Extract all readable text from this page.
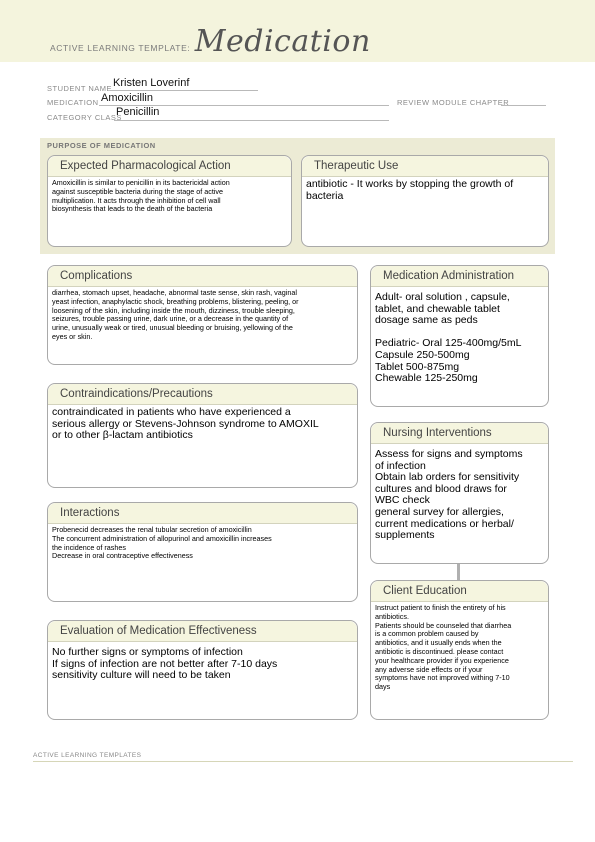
ACTIVE LEARNING TEMPLATE: Medication
STUDENT NAME Kristen Loverinf
MEDICATION Amoxicillin	REVIEW MODULE CHAPTER
CATEGORY CLASS
Penicillin
PURPOSE OF MEDICATION
Expected Pharmacological Action
Amoxicillin is similar to penicillin in its bactericidal action
against susceptible bacteria during the stage of active
multiplication. It acts through the inhibition of cell wall
biosynthesis that leads to the death of the bacteria
Therapeutic Use
antibiotic - It works by stopping the growth of
bacteria
Complications
diarrhea, stomach upset, headache, abnormal taste sense, skin rash, vaginal
yeast infection, anaphylactic shock, breathing problems, blistering, peeling, or
loosening of the skin, including inside the mouth, dizziness, trouble sleeping,
seizures, trouble passing urine, dark urine, or a decrease in the quantity of
urine, unusually weak or tired, unusual bleeding or bruising, yellowing of the
eyes or skin.
Medication Administration
Adult- oral solution , capsule,
tablet, and chewable tablet
dosage same as peds

Pediatric- Oral 125-400mg/5mL
Capsule 250-500mg
Tablet 500-875mg
Chewable 125-250mg
Contraindications/Precautions
contraindicated in patients who have experienced a
serious allergy or Stevens-Johnson syndrome to AMOXIL
or to other β-lactam antibiotics	Nursing Interventions
Assess for signs and symptoms
of infection
Obtain lab orders for sensitivity
cultures and blood draws for
WBC check
general survey for allergies,
current medications or herbal/
supplements
Interactions
Probenecid decreases the renal tubular secretion of amoxicillin
The concurrent administration of allopurinol and amoxicillin increases
the incidence of rashes
Decrease in oral contraceptive effectiveness
Client Education
Instruct patient to finish the entirety of his
antibiotics.
Patients should be counseled that diarrhea
is a common problem caused by
antibiotics, and it usually ends when the
antibiotic is discontinued. please contact
your healthcare provider if you experience
any adverse side effects or if your
symptoms have not improved withing 7-10
days
Evaluation of Medication Effectiveness
No further signs or symptoms of infection
If signs of infection are not better after 7-10 days
sensitivity culture will need to be taken
ACTIVE LEARNING TEMPLATES
